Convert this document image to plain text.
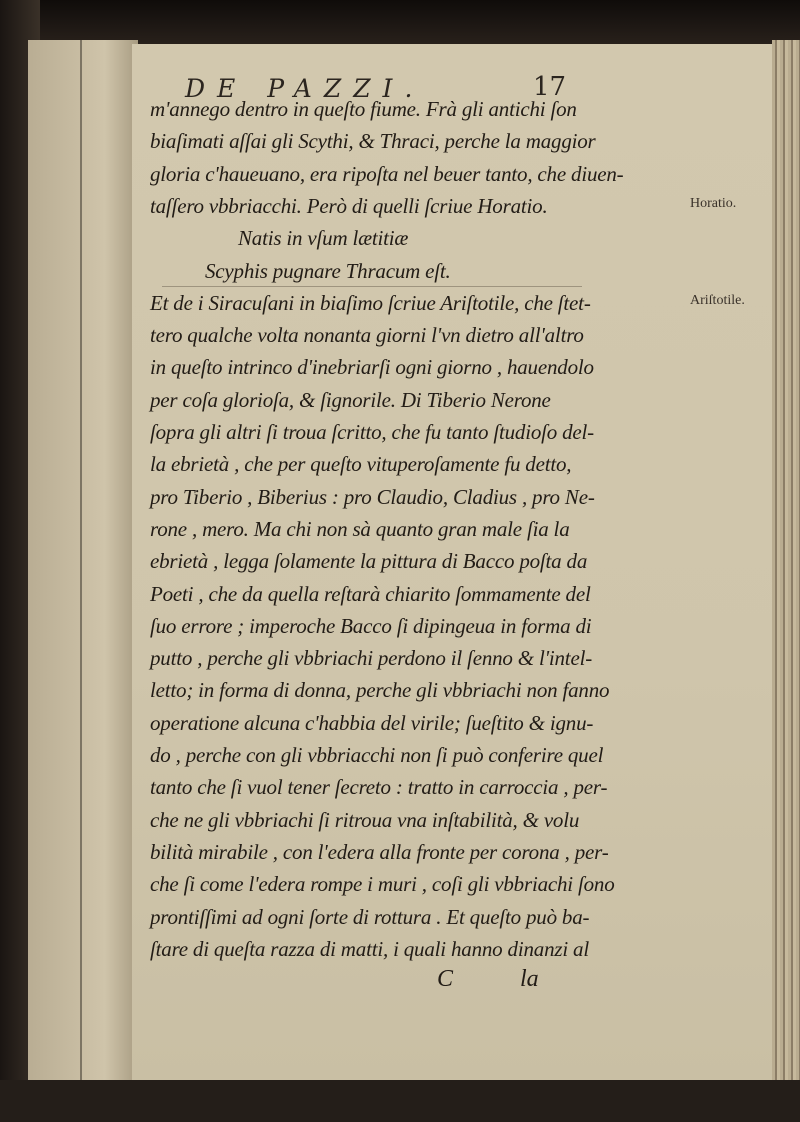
DE PAZZI.	17
m'annego dentro in queſto fiume. Frà gli antichi ſon
biaſimati aſſai gli Scythi, & Thraci, perche la maggior
gloria c'haueuano, era ripoſta nel beuer tanto, che diuen-
taſſero vbbriacchi. Però di quelli ſcriue Horatio.
Natis in vſum lætitiæ
Scyphis pugnare Thracum eſt.
Et de i Siracuſani in biaſimo ſcriue Ariſtotile, che ſtet-
tero qualche volta nonanta giorni l'vn dietro all'altro
in queſto intrinco d'inebriarſi ogni giorno , hauendolo
per coſa glorioſa, & ſignorile. Di Tiberio Nerone
ſopra gli altri ſi troua ſcritto, che fu tanto ſtudioſo del-
la ebrietà , che per queſto vituperoſamente fu detto,
pro Tiberio , Biberius : pro Claudio, Cladius , pro Ne-
rone , mero. Ma chi non sà quanto gran male ſia la
ebrietà , legga ſolamente la pittura di Bacco poſta da
Poeti , che da quella reſtarà chiarito ſommamente del
ſuo errore ; imperoche Bacco ſi dipingeua in forma di
putto , perche gli vbbriachi perdono il ſenno & l'intel-
letto; in forma di donna, perche gli vbbriachi non fanno
operatione alcuna c'habbia del virile; ſueſtito & ignu-
do , perche con gli vbbriacchi non ſi può conferire quel
tanto che ſi vuol tener ſecreto : tratto in carroccia , per-
che ne gli vbbriachi ſi ritroua vna inſtabilità, & volu
bilità mirabile , con l'edera alla fronte per corona , per-
che ſi come l'edera rompe i muri , coſi gli vbbriachi ſono
prontiſſimi ad ogni ſorte di rottura . Et queſto può ba-
ſtare di queſta razza di matti, i quali hanno dinanzi al
Horatio.
Ariſtotile.
C	la
